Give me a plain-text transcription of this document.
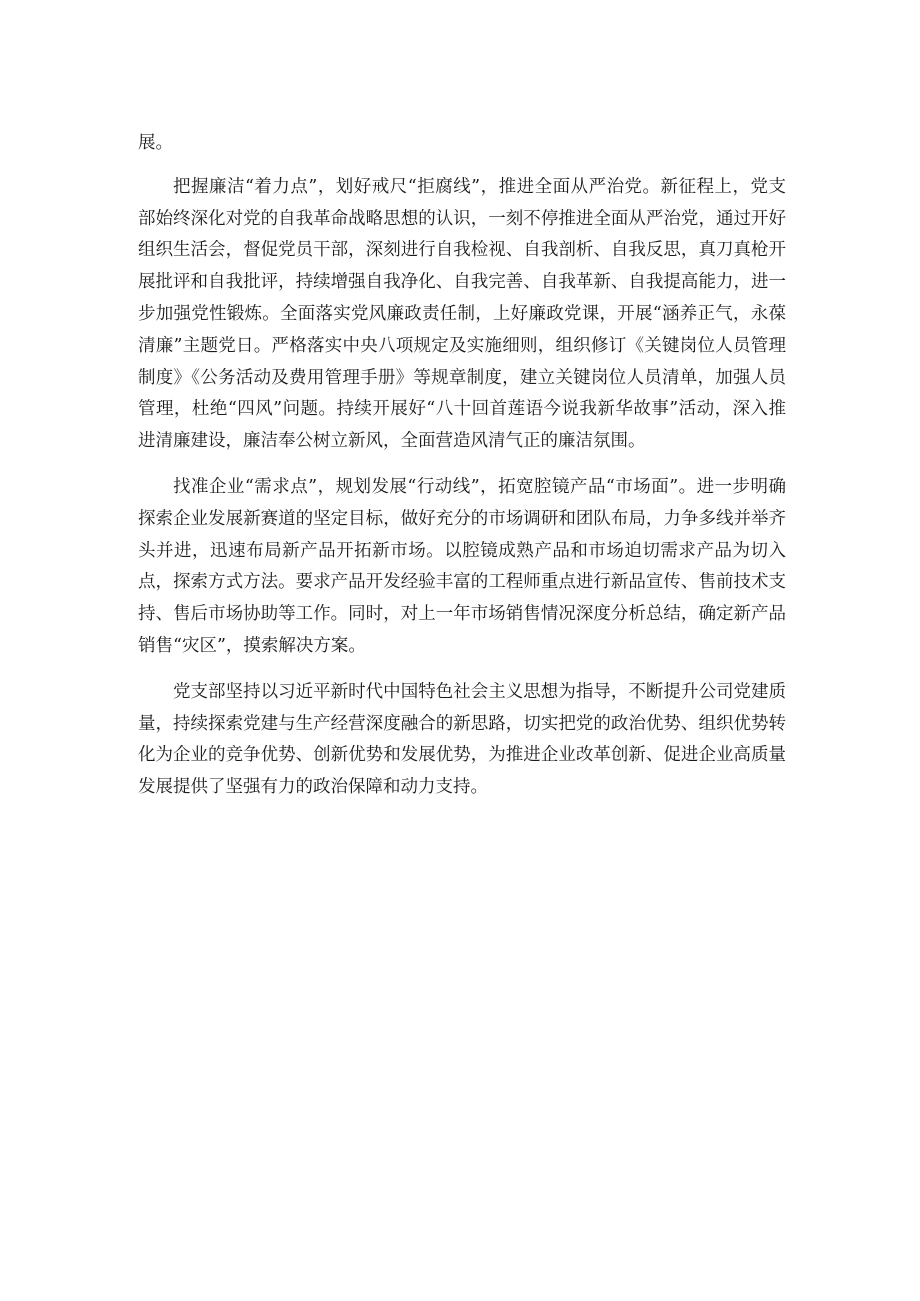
展。

把握廉洁“着力点”，划好戒尺“拒腐线”，推进全面从严治党。新征程上，党支部始终深化对党的自我革命战略思想的认识，一刻不停推进全面从严治党，通过开好组织生活会，督促党员干部，深刻进行自我检视、自我剖析、自我反思，真刀真枪开展批评和自我批评，持续增强自我净化、自我完善、自我革新、自我提高能力，进一步加强党性锻炼。全面落实党风廉政责任制，上好廉政党课，开展“涵养正气，永葆清廉”主题党日。严格落实中央八项规定及实施细则，组织修订《关键岗位人员管理制度》《公务活动及费用管理手册》等规章制度，建立关键岗位人员清单，加强人员管理，杜绝“四风”问题。持续开展好“八十回首莲语今说我新华故事”活动，深入推进清廉建设，廉洁奉公树立新风，全面营造风清气正的廉洁氛围。

找准企业“需求点”，规划发展“行动线”，拓宽腔镜产品“市场面”。进一步明确探索企业发展新赛道的坚定目标，做好充分的市场调研和团队布局，力争多线并举齐头并进，迅速布局新产品开拓新市场。以腔镜成熟产品和市场迫切需求产品为切入点，探索方式方法。要求产品开发经验丰富的工程师重点进行新品宣传、售前技术支持、售后市场协助等工作。同时，对上一年市场销售情况深度分析总结，确定新产品销售“灾区”，摸索解决方案。

党支部坚持以习近平新时代中国特色社会主义思想为指导，不断提升公司党建质量，持续探索党建与生产经营深度融合的新思路，切实把党的政治优势、组织优势转化为企业的竞争优势、创新优势和发展优势，为推进企业改革创新、促进企业高质量发展提供了坚强有力的政治保障和动力支持。
